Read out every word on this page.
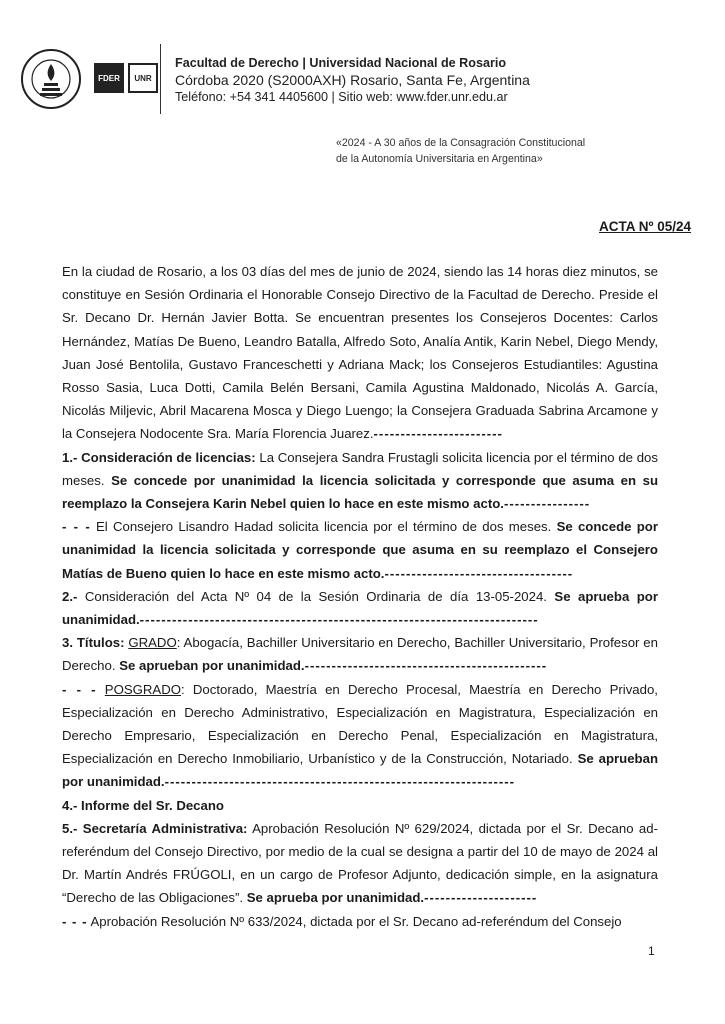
FDER	UNR
Facultad de Derecho | Universidad Nacional de Rosario
Córdoba 2020 (S2000AXH) Rosario, Santa Fe, Argentina
Teléfono: +54 341 4405600 | Sitio web: www.fder.unr.edu.ar
«2024 - A 30 años de la Consagración Constitucional
de la Autonomía Universitaria en Argentina»
ACTA Nº 05/24

En la ciudad de Rosario, a los 03 días del mes de junio de 2024, siendo las 14 horas diez minutos, se constituye en Sesión Ordinaria el Honorable Consejo Directivo de la Facultad de Derecho. Preside el Sr. Decano Dr. Hernán Javier Botta. Se encuentran presentes los Consejeros Docentes: Carlos Hernández, Matías De Bueno, Leandro Batalla, Alfredo Soto, Analía Antik, Karin Nebel, Diego Mendy, Juan José Bentolila, Gustavo Franceschetti y Adriana Mack; los Consejeros Estudiantiles: Agustina Rosso Sasia, Luca Dotti, Camila Belén Bersani, Camila Agustina Maldonado, Nicolás A. García, Nicolás Miljevic, Abril Macarena Mosca y Diego Luengo; la Consejera Graduada Sabrina Arcamone y la Consejera Nodocente Sra. María Florencia Juarez.------------------------

1.- Consideración de licencias: La Consejera Sandra Frustagli solicita licencia por el término de dos meses. Se concede por unanimidad la licencia solicitada y corresponde que asuma en su reemplazo la Consejera Karin Nebel quien lo hace en este mismo acto.----------------

- - - El Consejero Lisandro Hadad solicita licencia por el término de dos meses. Se concede por unanimidad la licencia solicitada y corresponde que asuma en su reemplazo el Consejero Matías de Bueno quien lo hace en este mismo acto.-----------------------------------

2.- Consideración del Acta Nº 04 de la Sesión Ordinaria de día 13-05-2024. Se aprueba por unanimidad.--------------------------------------------------------------------------

3. Títulos: GRADO: Abogacía, Bachiller Universitario en Derecho, Bachiller Universitario, Profesor en Derecho. Se aprueban por unanimidad.---------------------------------------------

- - - POSGRADO: Doctorado, Maestría en Derecho Procesal, Maestría en Derecho Privado, Especialización en Derecho Administrativo, Especialización en Magistratura, Especialización en Derecho Empresario, Especialización en Derecho Penal, Especialización en Magistratura, Especialización en Derecho Inmobiliario, Urbanístico y de la Construcción, Notariado. Se aprueban por unanimidad.-----------------------------------------------------------------

4.- Informe del Sr. Decano

5.- Secretaría Administrativa: Aprobación Resolución Nº 629/2024, dictada por el Sr. Decano ad-referéndum del Consejo Directivo, por medio de la cual se designa a partir del 10 de mayo de 2024 al Dr. Martín Andrés FRÚGOLI, en un cargo de Profesor Adjunto, dedicación simple, en la asignatura “Derecho de las Obligaciones”. Se aprueba por unanimidad.---------------------

- - - Aprobación Resolución Nº 633/2024, dictada por el Sr. Decano ad-referéndum del Consejo

1
